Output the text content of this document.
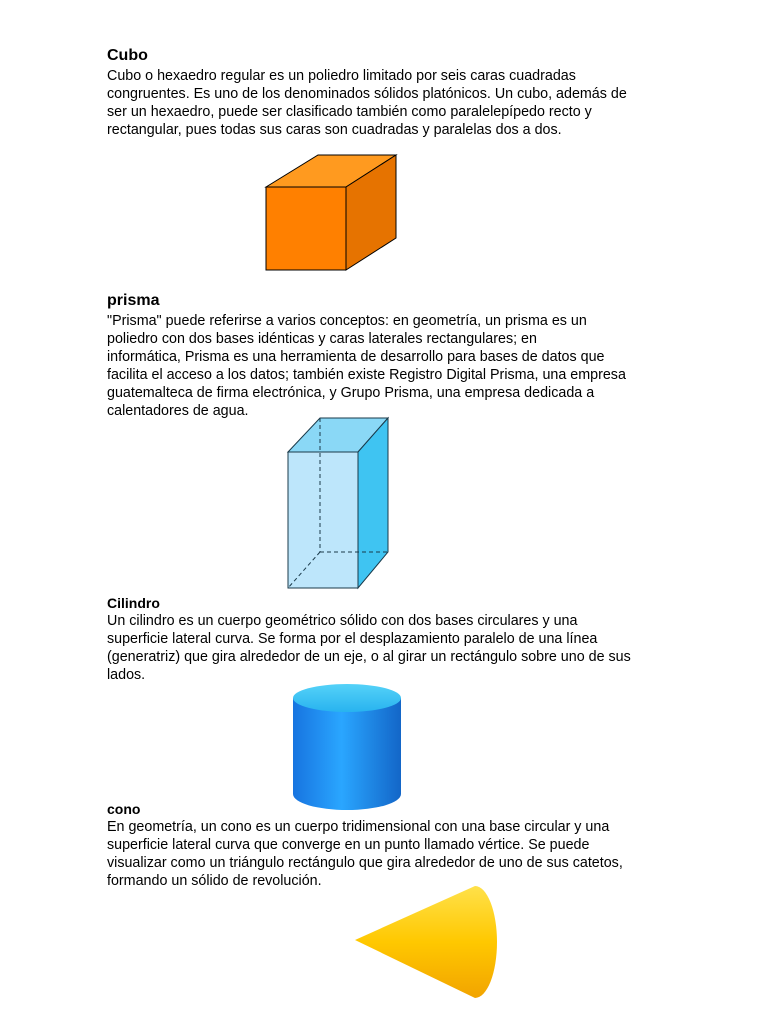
Cubo
Cubo o hexaedro regular es un poliedro limitado por seis caras cuadradas
congruentes. Es uno de los denominados sólidos platónicos. Un cubo, además de
ser un hexaedro, puede ser clasificado también como paralelepípedo recto y
rectangular, pues todas sus caras son cuadradas y paralelas dos a dos.
prisma
"Prisma" puede referirse a varios conceptos: en geometría, un prisma es un
poliedro con dos bases idénticas y caras laterales rectangulares; en
informática, Prisma es una herramienta de desarrollo para bases de datos que
facilita el acceso a los datos; también existe Registro Digital Prisma, una empresa
guatemalteca de firma electrónica, y Grupo Prisma, una empresa dedicada a
calentadores de agua.
Cilindro
Un cilindro es un cuerpo geométrico sólido con dos bases circulares y una
superficie lateral curva. Se forma por el desplazamiento paralelo de una línea
(generatriz) que gira alrededor de un eje, o al girar un rectángulo sobre uno de sus
lados.
cono
En geometría, un cono es un cuerpo tridimensional con una base circular y una
superficie lateral curva que converge en un punto llamado vértice. Se puede
visualizar como un triángulo rectángulo que gira alrededor de uno de sus catetos,
formando un sólido de revolución.
